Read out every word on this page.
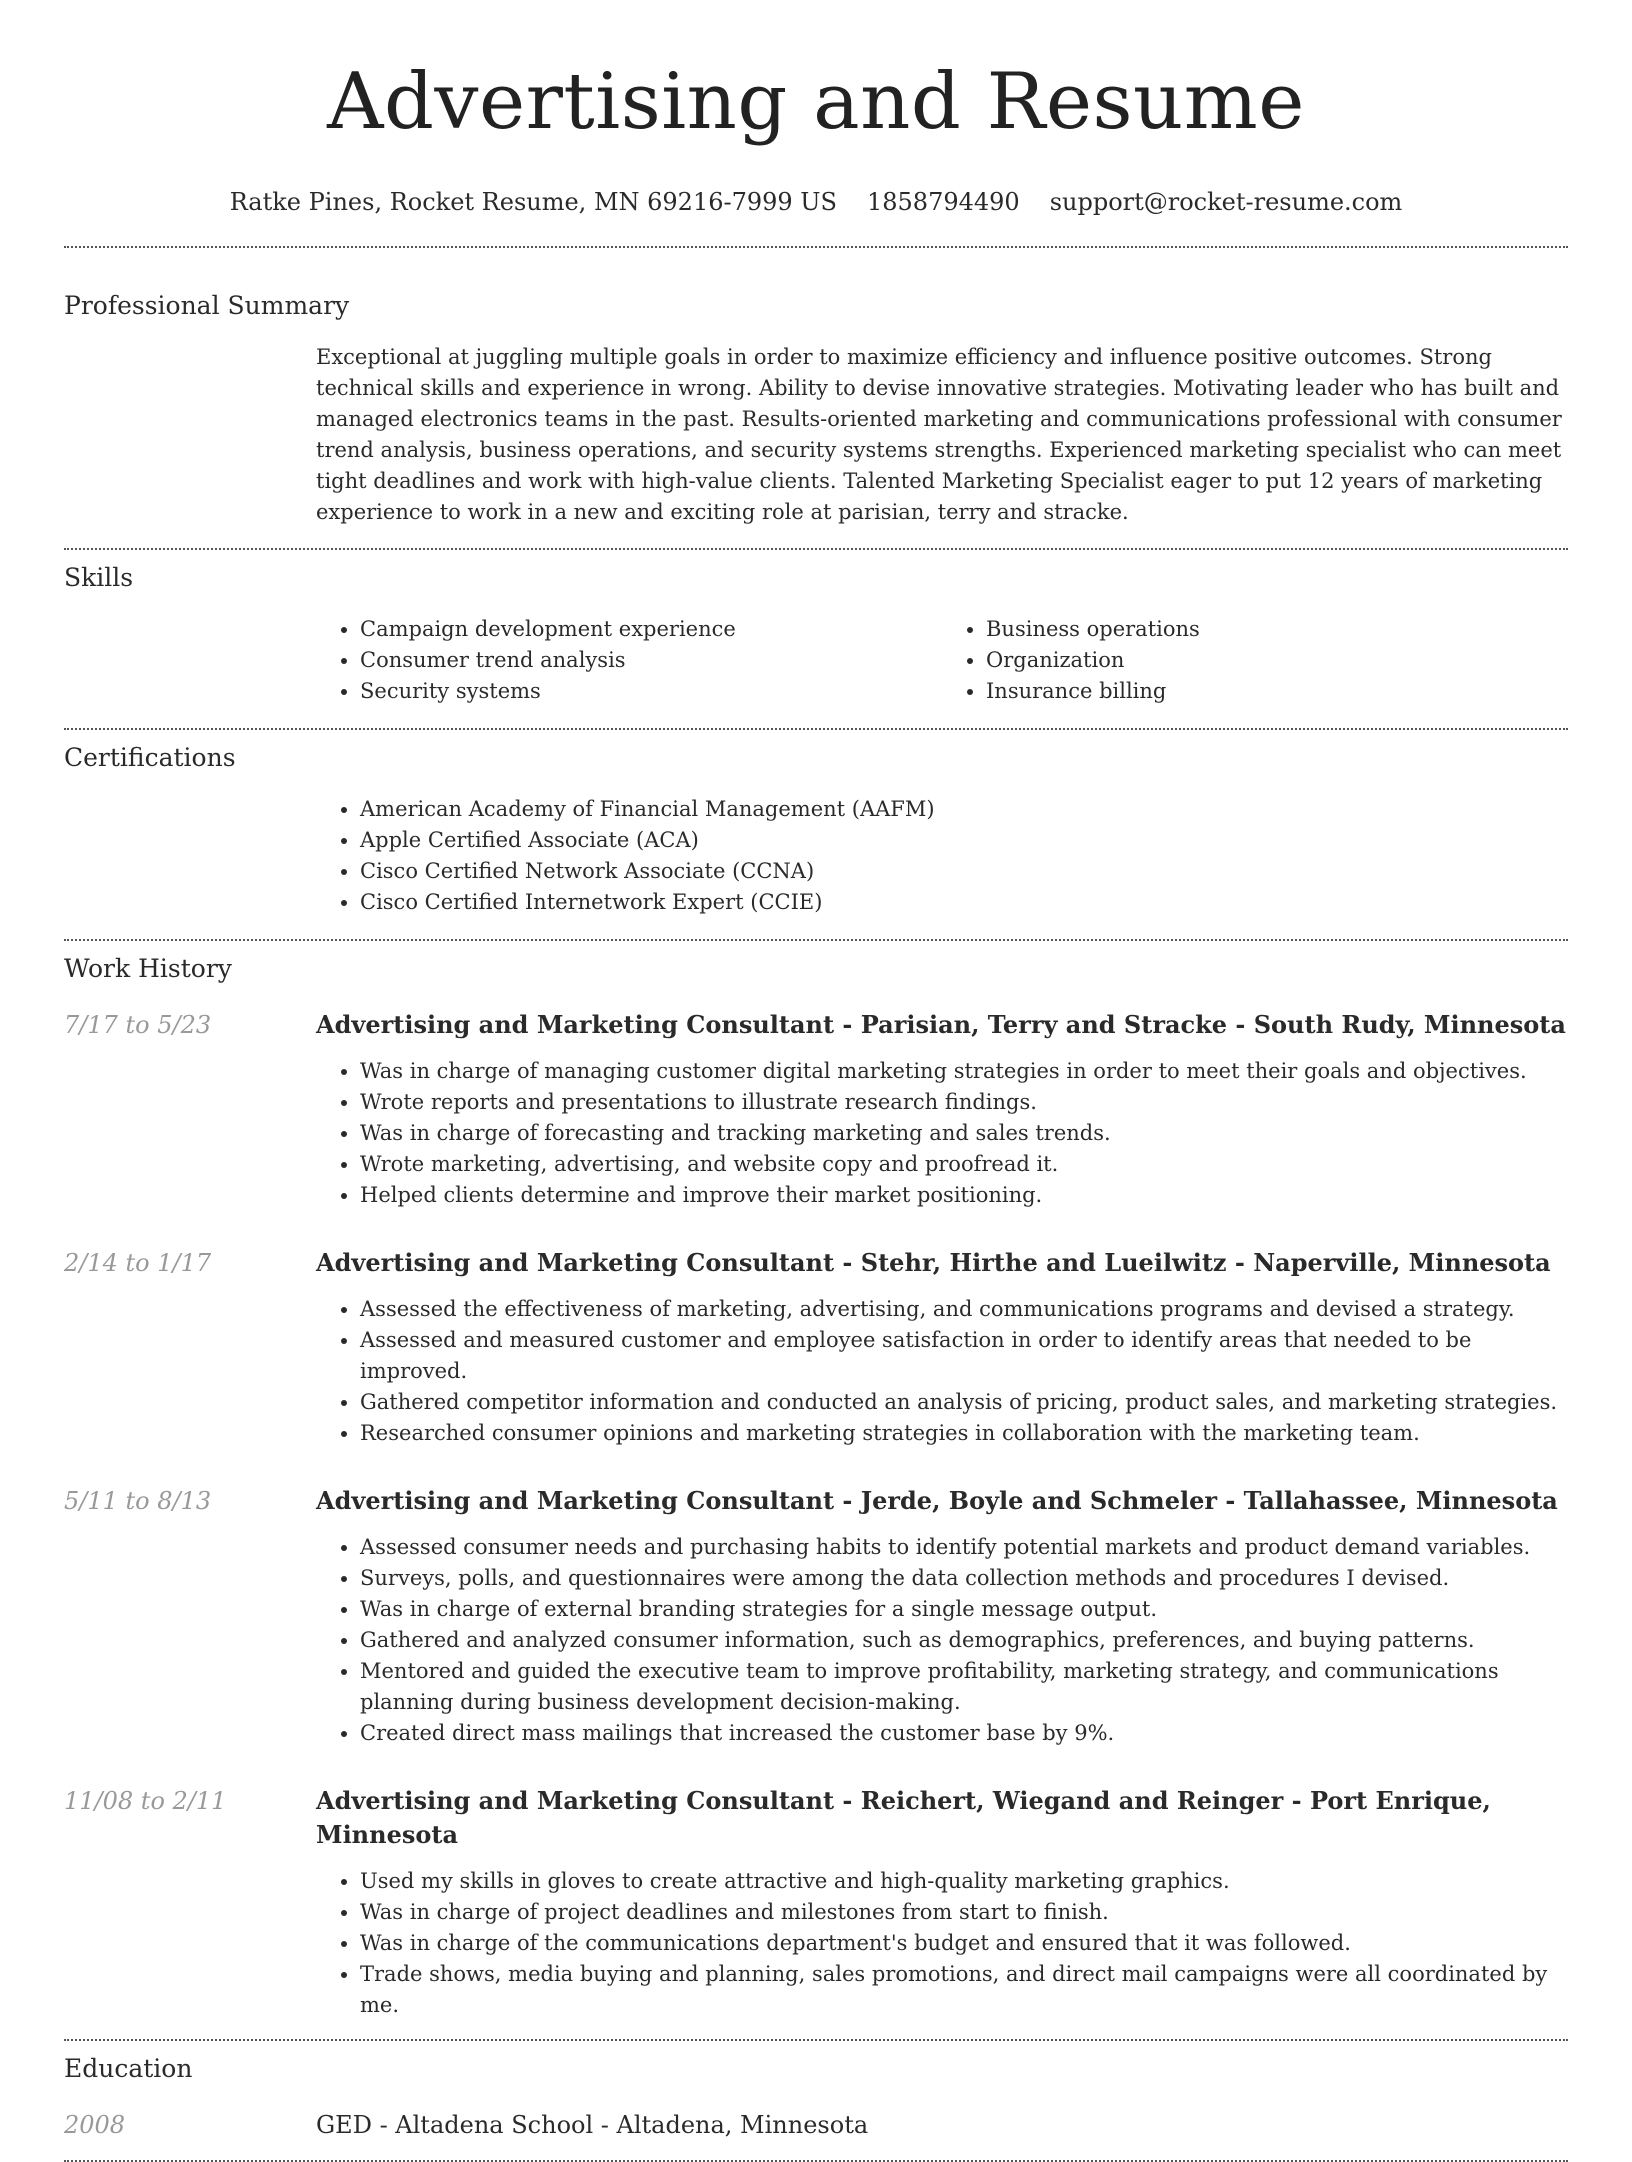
Advertising and Resume
Ratke Pines, Rocket Resume, MN 69216-7999 US 1858794490 support@rocket-resume.com
Professional Summary

Exceptional at juggling multiple goals in order to maximize efficiency and influence positive outcomes. Strong technical skills and experience in wrong. Ability to devise innovative strategies. Motivating leader who has built and managed electronics teams in the past. Results-oriented marketing and communications professional with consumer trend analysis, business operations, and security systems strengths. Experienced marketing specialist who can meet tight deadlines and work with high-value clients. Talented Marketing Specialist eager to put 12 years of marketing experience to work in a new and exciting role at parisian, terry and stracke.

Skills
• Campaign development experience
• Consumer trend analysis
• Security systems
• Business operations
• Organization
• Insurance billing
Certifications
• American Academy of Financial Management (AAFM)
• Apple Certified Associate (ACA)
• Cisco Certified Network Associate (CCNA)
• Cisco Certified Internetwork Expert (CCIE)
Work History
7/17 to 5/23	Advertising and Marketing Consultant - Parisian, Terry and Stracke - South Rudy, Minnesota
• Was in charge of managing customer digital marketing strategies in order to meet their goals and objectives.
• Wrote reports and presentations to illustrate research findings.
• Was in charge of forecasting and tracking marketing and sales trends.
• Wrote marketing, advertising, and website copy and proofread it.
• Helped clients determine and improve their market positioning.
2/14 to 1/17	Advertising and Marketing Consultant - Stehr, Hirthe and Lueilwitz - Naperville, Minnesota
• Assessed the effectiveness of marketing, advertising, and communications programs and devised a strategy.
• Assessed and measured customer and employee satisfaction in order to identify areas that needed to be improved.
• Gathered competitor information and conducted an analysis of pricing, product sales, and marketing strategies.
• Researched consumer opinions and marketing strategies in collaboration with the marketing team.
5/11 to 8/13	Advertising and Marketing Consultant - Jerde, Boyle and Schmeler - Tallahassee, Minnesota
• Assessed consumer needs and purchasing habits to identify potential markets and product demand variables.
• Surveys, polls, and questionnaires were among the data collection methods and procedures I devised.
• Was in charge of external branding strategies for a single message output.
• Gathered and analyzed consumer information, such as demographics, preferences, and buying patterns.
• Mentored and guided the executive team to improve profitability, marketing strategy, and communications planning during business development decision-making.
• Created direct mass mailings that increased the customer base by 9%.
11/08 to 2/11	Advertising and Marketing Consultant - Reichert, Wiegand and Reinger - Port Enrique, Minnesota
• Used my skills in gloves to create attractive and high-quality marketing graphics.
• Was in charge of project deadlines and milestones from start to finish.
• Was in charge of the communications department's budget and ensured that it was followed.
• Trade shows, media buying and planning, sales promotions, and direct mail campaigns were all coordinated by me.
Education
2008	GED - Altadena School - Altadena, Minnesota
